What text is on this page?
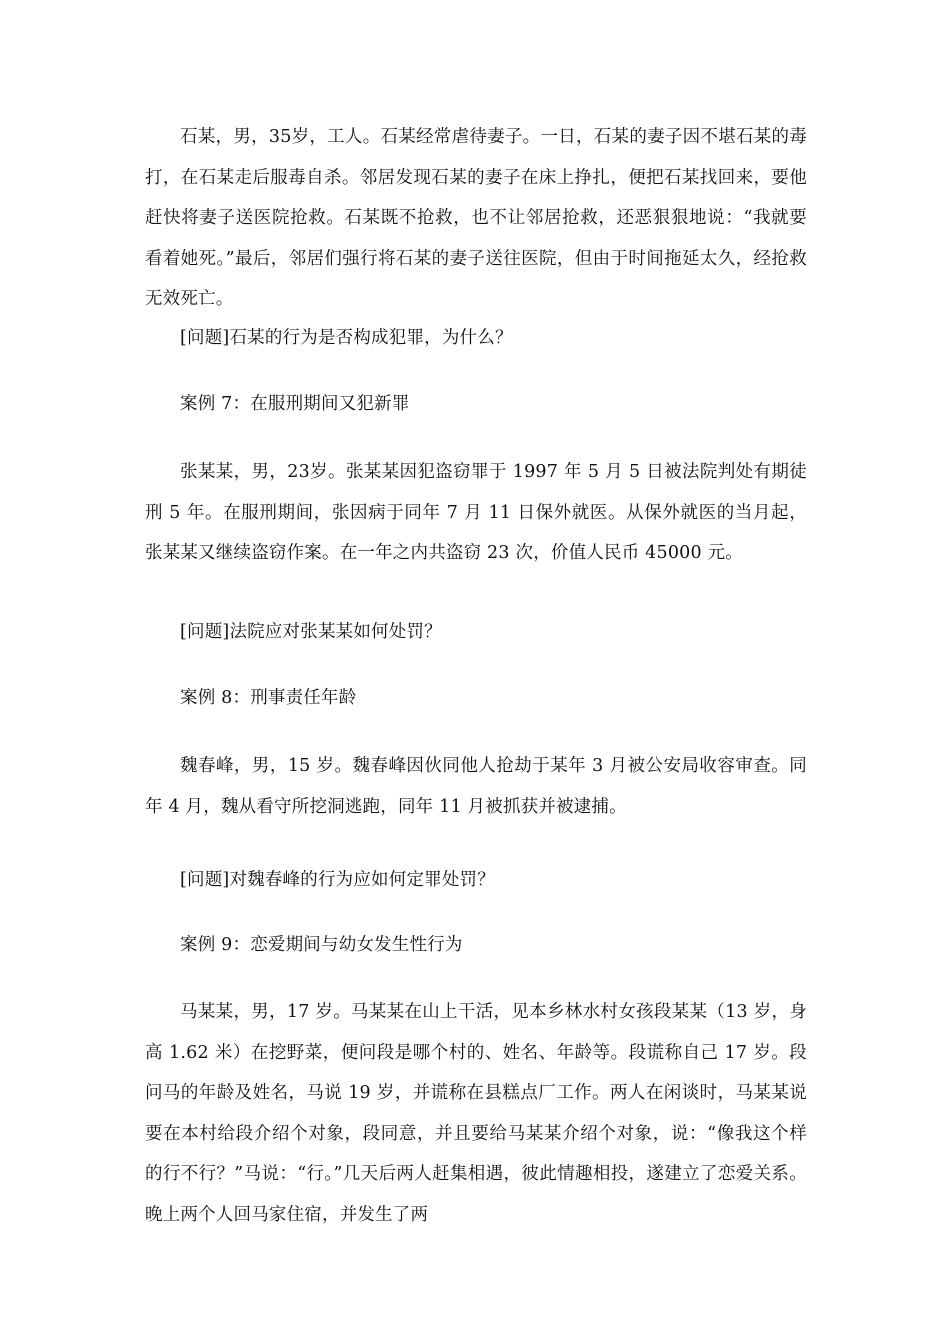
石某，男，35岁，工人。石某经常虐待妻子。一日，石某的妻子因不堪石某的毒打，在石某走后服毒自杀。邻居发现石某的妻子在床上挣扎，便把石某找回来，要他赶快将妻子送医院抢救。石某既不抢救，也不让邻居抢救，还恶狠狠地说：“我就要看着她死。”最后，邻居们强行将石某的妻子送往医院，但由于时间拖延太久，经抢救无效死亡。

[问题]石某的行为是否构成犯罪，为什么？

案例 7：在服刑期间又犯新罪

张某某，男，23岁。张某某因犯盗窃罪于 1997 年 5 月 5 日被法院判处有期徒刑 5 年。在服刑期间，张因病于同年 7 月 11 日保外就医。从保外就医的当月起，张某某又继续盗窃作案。在一年之内共盗窃 23 次，价值人民币 45000 元。

[问题]法院应对张某某如何处罚？

案例 8：刑事责任年龄

魏春峰，男，15 岁。魏春峰因伙同他人抢劫于某年 3 月被公安局收容审查。同年 4 月，魏从看守所挖洞逃跑，同年 11 月被抓获并被逮捕。

[问题]对魏春峰的行为应如何定罪处罚？

案例 9：恋爱期间与幼女发生性行为

马某某，男，17 岁。马某某在山上干活，见本乡林水村女孩段某某（13 岁，身高 1.62 米）在挖野菜，便问段是哪个村的、姓名、年龄等。段谎称自己 17 岁。段问马的年龄及姓名，马说 19 岁，并谎称在县糕点厂工作。两人在闲谈时，马某某说要在本村给段介绍个对象，段同意，并且要给马某某介绍个对象，说：“像我这个样的行不行？”马说：“行。”几天后两人赶集相遇，彼此情趣相投，遂建立了恋爱关系。晚上两个人回马家住宿，并发生了两
